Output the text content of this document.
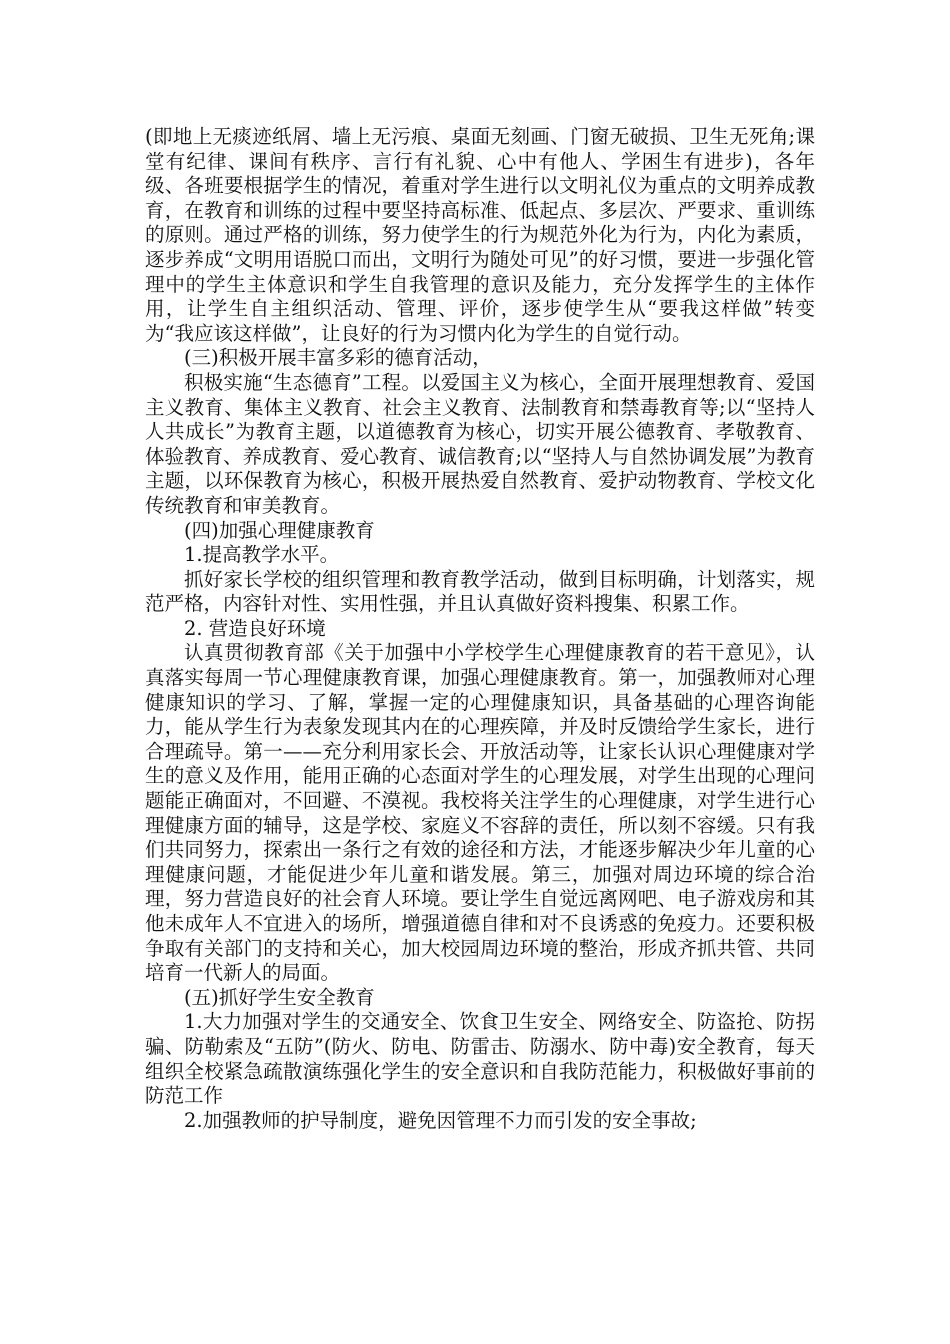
(即地上无痰迹纸屑、墙上无污痕、桌面无刻画、门窗无破损、卫生无死角;课堂有纪律、课间有秩序、言行有礼貌、心中有他人、学困生有进步)，各年级、各班要根据学生的情况，着重对学生进行以文明礼仪为重点的文明养成教育，在教育和训练的过程中要坚持高标准、低起点、多层次、严要求、重训练的原则。通过严格的训练，努力使学生的行为规范外化为行为，内化为素质，逐步养成“文明用语脱口而出，文明行为随处可见”的好习惯，要进一步强化管理中的学生主体意识和学生自我管理的意识及能力，充分发挥学生的主体作用，让学生自主组织活动、管理、评价，逐步使学生从“要我这样做”转变为“我应该这样做”，让良好的行为习惯内化为学生的自觉行动。

(三)积极开展丰富多彩的德育活动，

积极实施“生态德育”工程。以爱国主义为核心，全面开展理想教育、爱国主义教育、集体主义教育、社会主义教育、法制教育和禁毒教育等;以“坚持人人共成长”为教育主题，以道德教育为核心，切实开展公德教育、孝敬教育、体验教育、养成教育、爱心教育、诚信教育;以“坚持人与自然协调发展”为教育主题，以环保教育为核心，积极开展热爱自然教育、爱护动物教育、学校文化传统教育和审美教育。

(四)加强心理健康教育

1.提高教学水平。

抓好家长学校的组织管理和教育教学活动，做到目标明确，计划落实，规范严格，内容针对性、实用性强，并且认真做好资料搜集、积累工作。

2. 营造良好环境

认真贯彻教育部《关于加强中小学校学生心理健康教育的若干意见》，认真落实每周一节心理健康教育课，加强心理健康教育。第一，加强教师对心理健康知识的学习、了解，掌握一定的心理健康知识，具备基础的心理咨询能力，能从学生行为表象发现其内在的心理疾障，并及时反馈给学生家长，进行合理疏导。第一——充分利用家长会、开放活动等，让家长认识心理健康对学生的意义及作用，能用正确的心态面对学生的心理发展，对学生出现的心理问题能正确面对，不回避、不漠视。我校将关注学生的心理健康，对学生进行心理健康方面的辅导，这是学校、家庭义不容辞的责任，所以刻不容缓。只有我们共同努力，探索出一条行之有效的途径和方法，才能逐步解决少年儿童的心理健康问题，才能促进少年儿童和谐发展。第三，加强对周边环境的综合治理，努力营造良好的社会育人环境。要让学生自觉远离网吧、电子游戏房和其他未成年人不宜进入的场所，增强道德自律和对不良诱惑的免疫力。还要积极争取有关部门的支持和关心，加大校园周边环境的整治，形成齐抓共管、共同培育一代新人的局面。

(五)抓好学生安全教育

1.大力加强对学生的交通安全、饮食卫生安全、网络安全、防盗抢、防拐骗、防勒索及“五防”(防火、防电、防雷击、防溺水、防中毒)安全教育，每天组织全校紧急疏散演练强化学生的安全意识和自我防范能力，积极做好事前的防范工作

2.加强教师的护导制度，避免因管理不力而引发的安全事故;
